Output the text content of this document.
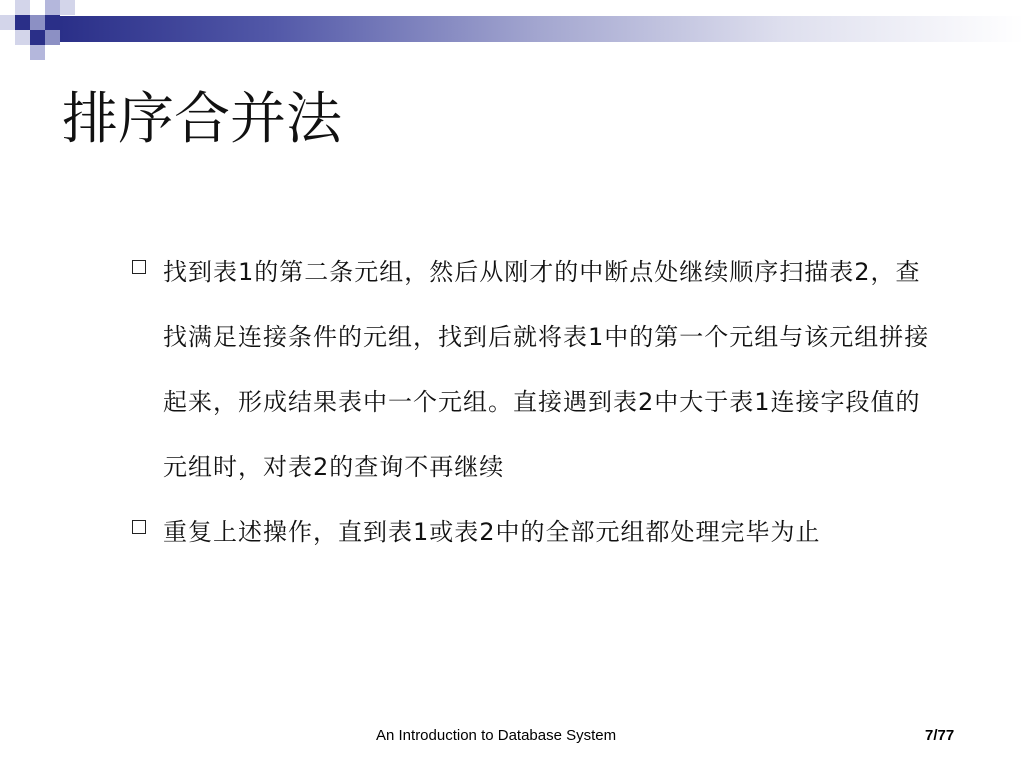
排序合并法
找到表1的第二条元组，然后从刚才的中断点处继续顺序扫描表2，查找满足连接条件的元组，找到后就将表1中的第一个元组与该元组拼接起来，形成结果表中一个元组。直接遇到表2中大于表1连接字段值的元组时，对表2的查询不再继续
重复上述操作，直到表1或表2中的全部元组都处理完毕为止
An Introduction to Database System	7/77
